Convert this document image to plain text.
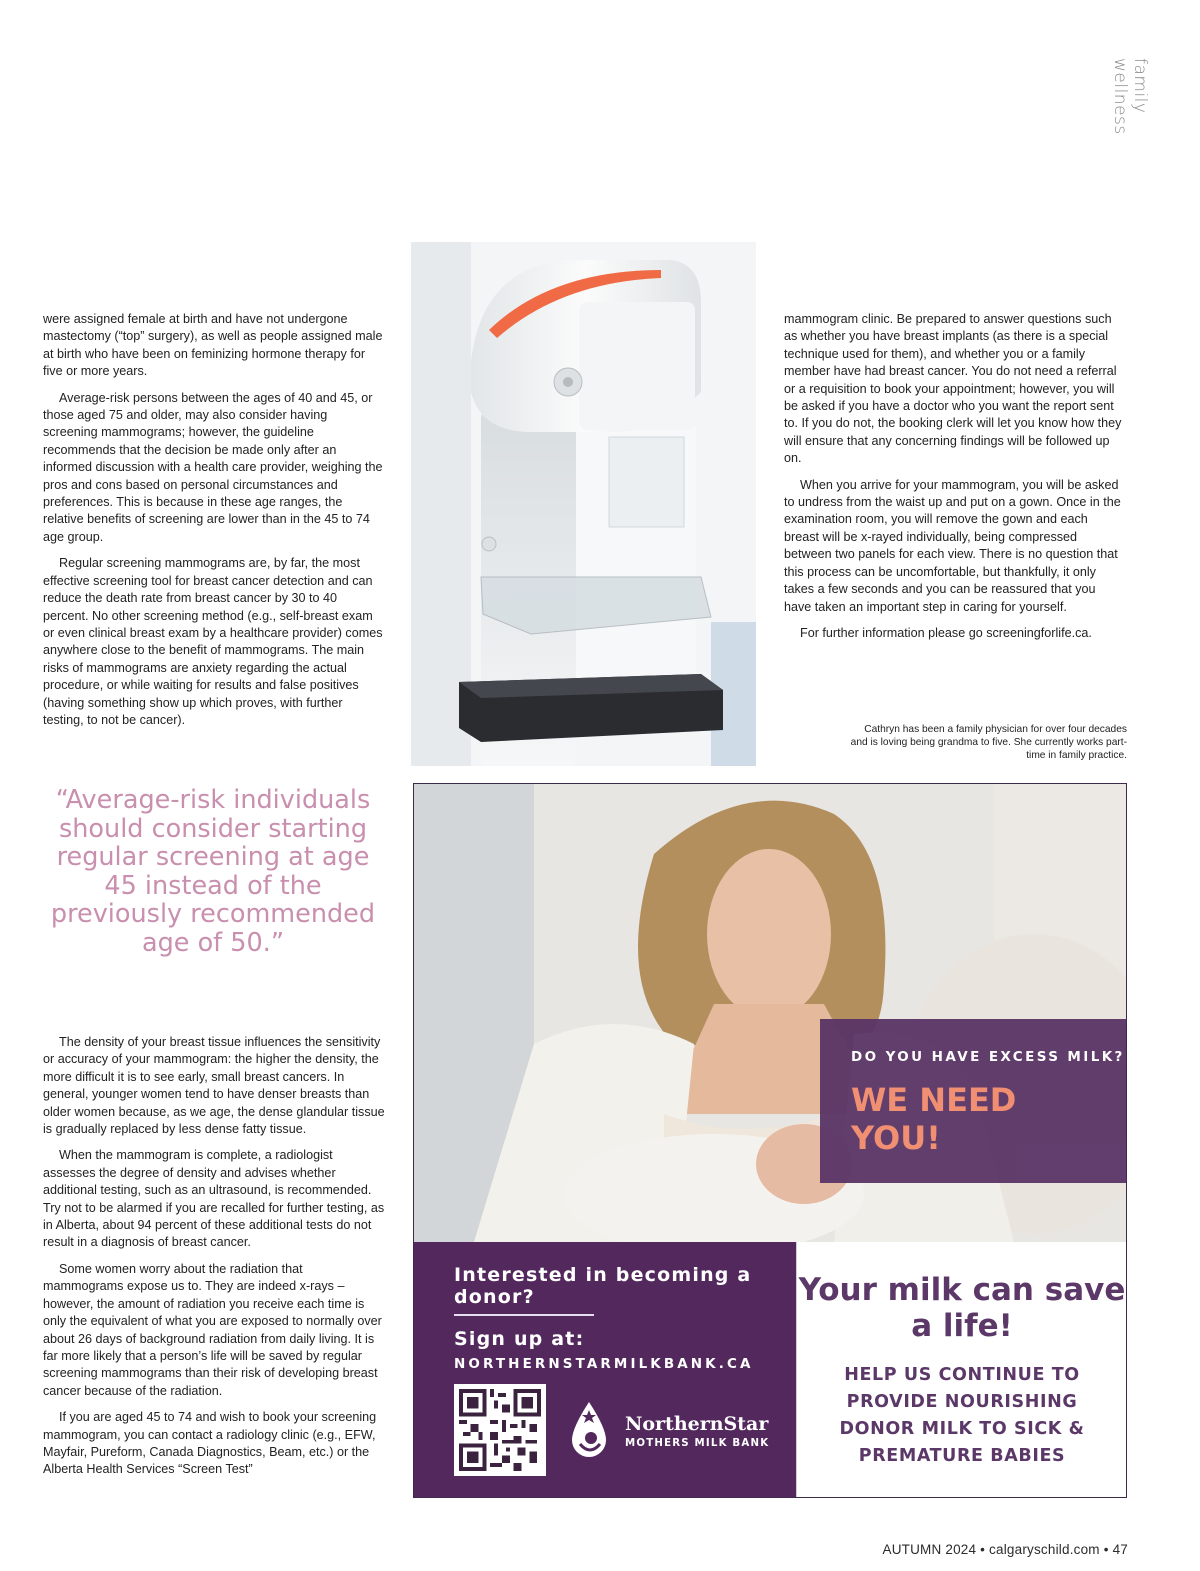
family wellness

were assigned female at birth and have not undergone mastectomy (“top” surgery), as well as people assigned male at birth who have been on feminizing hormone therapy for five or more years.

Average-risk persons between the ages of 40 and 45, or those aged 75 and older, may also consider having screening mammograms; however, the guideline recommends that the decision be made only after an informed discussion with a health care provider, weighing the pros and cons based on personal circumstances and preferences. This is because in these age ranges, the relative benefits of screening are lower than in the 45 to 74 age group.

Regular screening mammograms are, by far, the most effective screening tool for breast cancer detection and can reduce the death rate from breast cancer by 30 to 40 percent. No other screening method (e.g., self-breast exam or even clinical breast exam by a healthcare provider) comes anywhere close to the benefit of mammograms. The main risks of mammograms are anxiety regarding the actual procedure, or while waiting for results and false positives (having something show up which proves, with further testing, to not be cancer).

mammogram clinic. Be prepared to answer questions such as whether you have breast implants (as there is a special technique used for them), and whether you or a family member have had breast cancer. You do not need a referral or a requisition to book your appointment; however, you will be asked if you have a doctor who you want the report sent to. If you do not, the booking clerk will let you know how they will ensure that any concerning findings will be followed up on.

When you arrive for your mammogram, you will be asked to undress from the waist up and put on a gown. Once in the examination room, you will remove the gown and each breast will be x-rayed individually, being compressed between two panels for each view. There is no question that this process can be uncomfortable, but thankfully, it only takes a few seconds and you can be reassured that you have taken an important step in caring for yourself.

For further information please go screeningforlife.ca.

Cathryn has been a family physician for over four decades and is loving being grandma to five. She currently works part-time in family practice.
“Average-risk individuals should consider starting regular screening at age 45 instead of the previously recommended age of 50.”

The density of your breast tissue influences the sensitivity or accuracy of your mammogram: the higher the density, the more difficult it is to see early, small breast cancers. In general, younger women tend to have denser breasts than older women because, as we age, the dense glandular tissue is gradually replaced by less dense fatty tissue.

When the mammogram is complete, a radiologist assesses the degree of density and advises whether additional testing, such as an ultrasound, is recommended. Try not to be alarmed if you are recalled for further testing, as in Alberta, about 94 percent of these additional tests do not result in a diagnosis of breast cancer.

Some women worry about the radiation that mammograms expose us to. They are indeed x-rays – however, the amount of radiation you receive each time is only the equivalent of what you are exposed to normally over about 26 days of background radiation from daily living. It is far more likely that a person’s life will be saved by regular screening mammograms than their risk of developing breast cancer because of the radiation.

If you are aged 45 to 74 and wish to book your screening mammogram, you can contact a radiology clinic (e.g., EFW, Mayfair, Pureform, Canada Diagnostics, Beam, etc.) or the Alberta Health Services “Screen Test”

DO YOU HAVE EXCESS MILK?
WE NEED YOU!
Interested in becoming a donor?
Sign up at:
NORTHERNSTARMILKBANK.CA
NorthernStar
MOTHERS MILK BANK
Your milk can save a life!
HELP US CONTINUE TO PROVIDE NOURISHING DONOR MILK TO SICK & PREMATURE BABIES
AUTUMN 2024 • calgaryschild.com • 47
